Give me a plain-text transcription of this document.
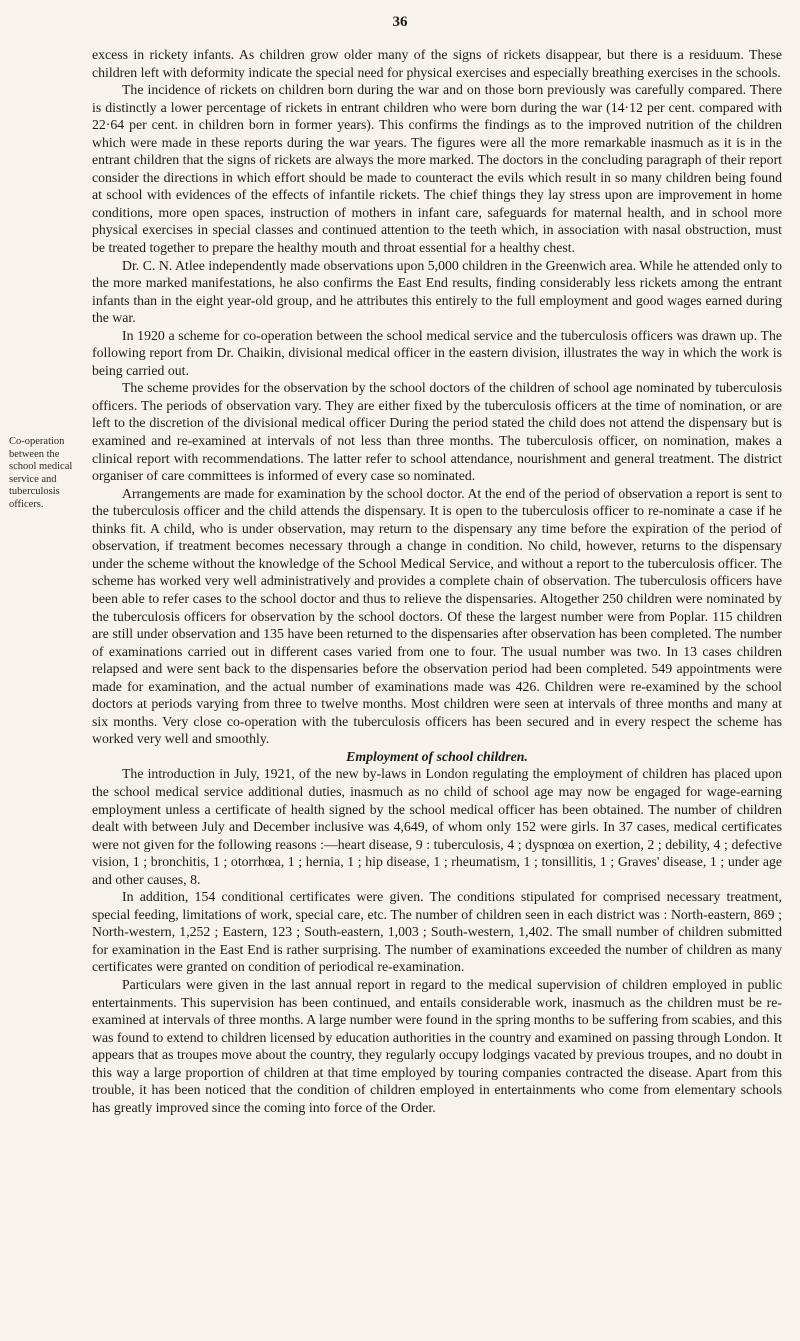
36
Co-operation between the school medical service and tuberculosis officers.

excess in rickety infants. As children grow older many of the signs of rickets disappear, but there is a residuum. These children left with deformity indicate the special need for physical exercises and especially breathing exercises in the schools.

The incidence of rickets on children born during the war and on those born previously was carefully compared. There is distinctly a lower percentage of rickets in entrant children who were born during the war (14·12 per cent. compared with 22·64 per cent. in children born in former years). This confirms the findings as to the improved nutrition of the children which were made in these reports during the war years. The figures were all the more remarkable inasmuch as it is in the entrant children that the signs of rickets are always the more marked. The doctors in the concluding paragraph of their report consider the directions in which effort should be made to counteract the evils which result in so many children being found at school with evidences of the effects of infantile rickets. The chief things they lay stress upon are improvement in home conditions, more open spaces, instruction of mothers in infant care, safeguards for maternal health, and in school more physical exercises in special classes and continued attention to the teeth which, in association with nasal obstruction, must be treated together to prepare the healthy mouth and throat essential for a healthy chest.

Dr. C. N. Atlee independently made observations upon 5,000 children in the Greenwich area. While he attended only to the more marked manifestations, he also confirms the East End results, finding considerably less rickets among the entrant infants than in the eight year-old group, and he attributes this entirely to the full employment and good wages earned during the war.

In 1920 a scheme for co-operation between the school medical service and the tuberculosis officers was drawn up. The following report from Dr. Chaikin, divisional medical officer in the eastern division, illustrates the way in which the work is being carried out.

The scheme provides for the observation by the school doctors of the children of school age nominated by tuberculosis officers. The periods of observation vary. They are either fixed by the tuberculosis officers at the time of nomination, or are left to the discretion of the divisional medical officer During the period stated the child does not attend the dispensary but is examined and re-examined at intervals of not less than three months. The tuberculosis officer, on nomination, makes a clinical report with recommendations. The latter refer to school attendance, nourishment and general treatment. The district organiser of care committees is informed of every case so nominated.

Arrangements are made for examination by the school doctor. At the end of the period of observation a report is sent to the tuberculosis officer and the child attends the dispensary. It is open to the tuberculosis officer to re-nominate a case if he thinks fit. A child, who is under observation, may return to the dispensary any time before the expiration of the period of observation, if treatment becomes necessary through a change in condition. No child, however, returns to the dispensary under the scheme without the knowledge of the School Medical Service, and without a report to the tuberculosis officer. The scheme has worked very well administratively and provides a complete chain of observation. The tuberculosis officers have been able to refer cases to the school doctor and thus to relieve the dispensaries. Altogether 250 children were nominated by the tuberculosis officers for observation by the school doctors. Of these the largest number were from Poplar. 115 children are still under observation and 135 have been returned to the dispensaries after observation has been completed. The number of examinations carried out in different cases varied from one to four. The usual number was two. In 13 cases children relapsed and were sent back to the dispensaries before the observation period had been completed. 549 appointments were made for examination, and the actual number of examinations made was 426. Children were re-examined by the school doctors at periods varying from three to twelve months. Most children were seen at intervals of three months and many at six months. Very close co-operation with the tuberculosis officers has been secured and in every respect the scheme has worked very well and smoothly.

Employment of school children.

The introduction in July, 1921, of the new by-laws in London regulating the employment of children has placed upon the school medical service additional duties, inasmuch as no child of school age may now be engaged for wage-earning employment unless a certificate of health signed by the school medical officer has been obtained. The number of children dealt with between July and December inclusive was 4,649, of whom only 152 were girls. In 37 cases, medical certificates were not given for the following reasons :—heart disease, 9 : tuberculosis, 4 ; dyspnœa on exertion, 2 ; debility, 4 ; defective vision, 1 ; bronchitis, 1 ; otorrhœa, 1 ; hernia, 1 ; hip disease, 1 ; rheumatism, 1 ; tonsillitis, 1 ; Graves' disease, 1 ; under age and other causes, 8.

In addition, 154 conditional certificates were given. The conditions stipulated for comprised necessary treatment, special feeding, limitations of work, special care, etc. The number of children seen in each district was : North-eastern, 869 ; North-western, 1,252 ; Eastern, 123 ; South-eastern, 1,003 ; South-western, 1,402. The small number of children submitted for examination in the East End is rather surprising. The number of examinations exceeded the number of children as many certificates were granted on condition of periodical re-examination.

Particulars were given in the last annual report in regard to the medical supervision of children employed in public entertainments. This supervision has been continued, and entails considerable work, inasmuch as the children must be re-examined at intervals of three months. A large number were found in the spring months to be suffering from scabies, and this was found to extend to children licensed by education authorities in the country and examined on passing through London. It appears that as troupes move about the country, they regularly occupy lodgings vacated by previous troupes, and no doubt in this way a large proportion of children at that time employed by touring companies contracted the disease. Apart from this trouble, it has been noticed that the condition of children employed in entertainments who come from elementary schools has greatly improved since the coming into force of the Order.
